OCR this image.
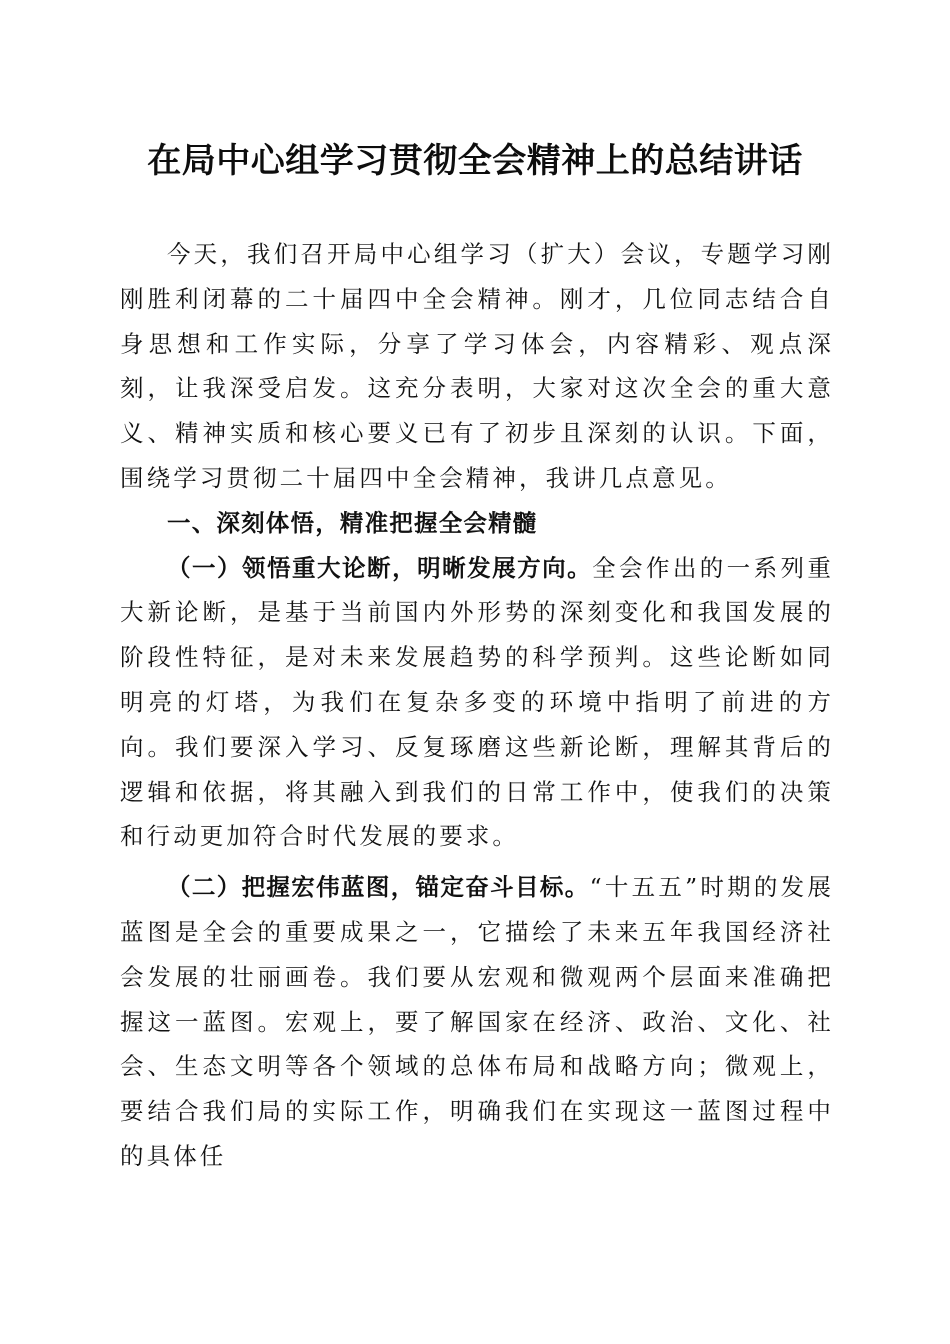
在局中心组学习贯彻全会精神上的总结讲话

今天，我们召开局中心组学习（扩大）会议，专题学习刚刚胜利闭幕的二十届四中全会精神。刚才，几位同志结合自身思想和工作实际，分享了学习体会，内容精彩、观点深刻，让我深受启发。这充分表明，大家对这次全会的重大意义、精神实质和核心要义已有了初步且深刻的认识。下面，围绕学习贯彻二十届四中全会精神，我讲几点意见。

一、深刻体悟，精准把握全会精髓

（一）领悟重大论断，明晰发展方向。全会作出的一系列重大新论断，是基于当前国内外形势的深刻变化和我国发展的阶段性特征，是对未来发展趋势的科学预判。这些论断如同明亮的灯塔，为我们在复杂多变的环境中指明了前进的方向。我们要深入学习、反复琢磨这些新论断，理解其背后的逻辑和依据，将其融入到我们的日常工作中，使我们的决策和行动更加符合时代发展的要求。

（二）把握宏伟蓝图，锚定奋斗目标。“十五五”时期的发展蓝图是全会的重要成果之一，它描绘了未来五年我国经济社会发展的壮丽画卷。我们要从宏观和微观两个层面来准确把握这一蓝图。宏观上，要了解国家在经济、政治、文化、社会、生态文明等各个领域的总体布局和战略方向；微观上，要结合我们局的实际工作，明确我们在实现这一蓝图过程中的具体任
